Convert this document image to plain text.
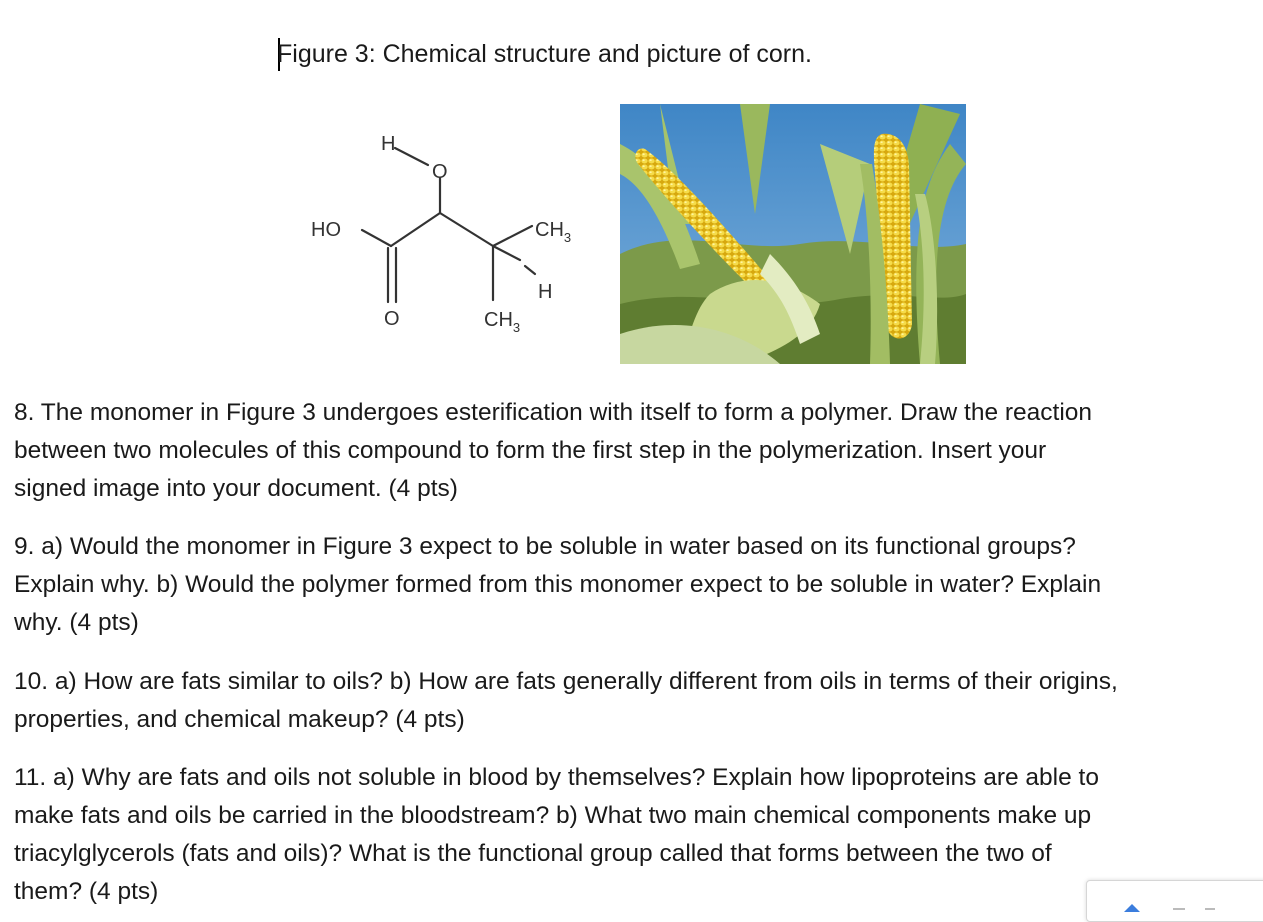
Figure 3: Chemical structure and picture of corn.
H
O
HO	$CH_3$
H
O	$CH_3$
8. The monomer in Figure 3 undergoes esterification with itself to form a polymer. Draw the reaction
between two molecules of this compound to form the first step in the polymerization. Insert your
signed image into your document. (4 pts)
9. a) Would the monomer in Figure 3 expect to be soluble in water based on its functional groups?
Explain why. b) Would the polymer formed from this monomer expect to be soluble in water? Explain
why. (4 pts)
10. a) How are fats similar to oils? b) How are fats generally different from oils in terms of their origins,
properties, and chemical makeup? (4 pts)
11. a) Why are fats and oils not soluble in blood by themselves? Explain how lipoproteins are able to
make fats and oils be carried in the bloodstream? b) What two main chemical components make up
triacylglycerols (fats and oils)? What is the functional group called that forms between the two of
them? (4 pts)
